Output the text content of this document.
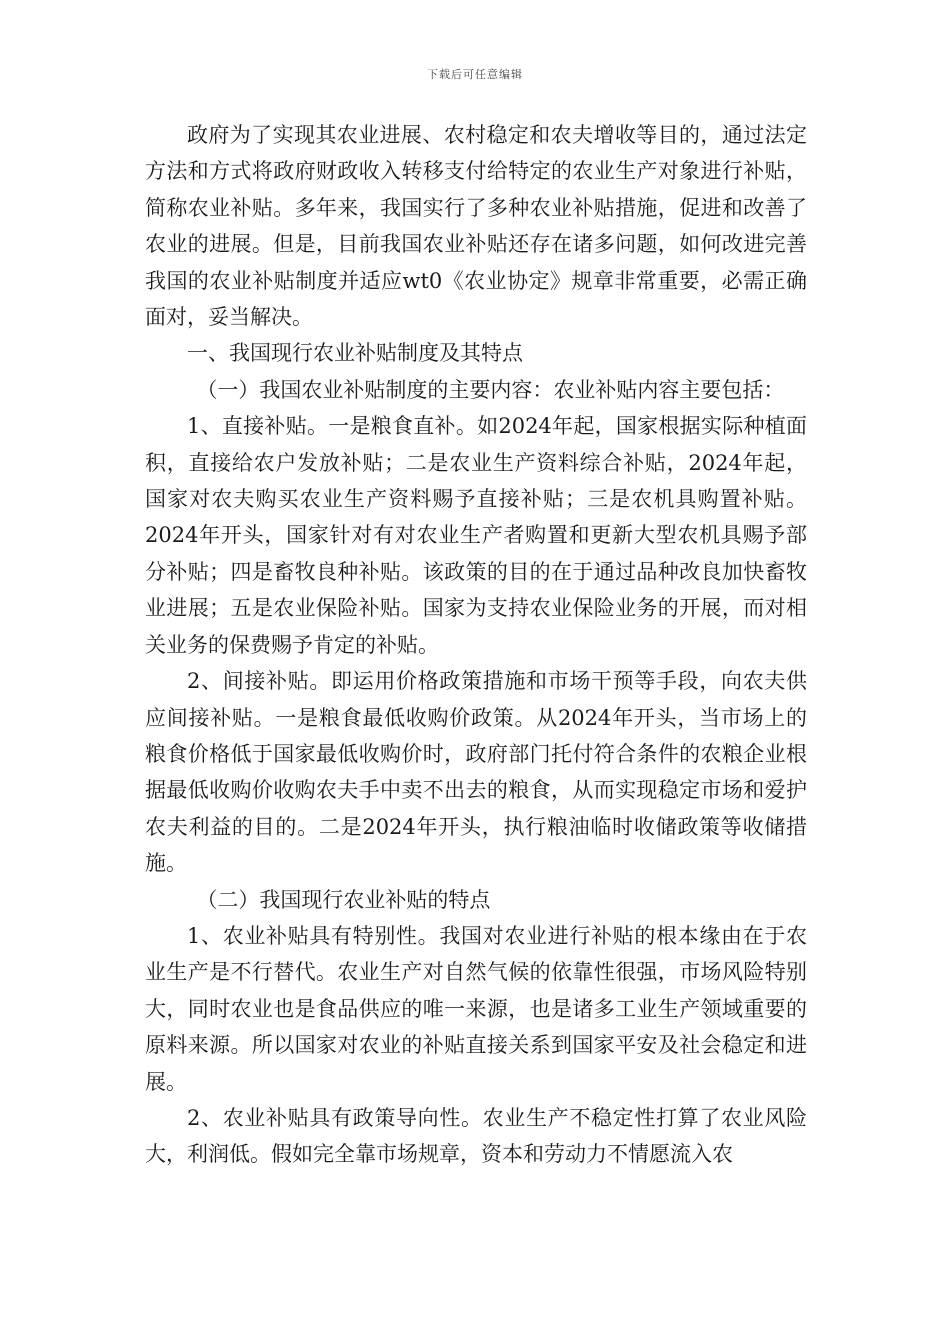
下载后可任意编辑

政府为了实现其农业进展、农村稳定和农夫增收等目的，通过法定方法和方式将政府财政收入转移支付给特定的农业生产对象进行补贴，简称农业补贴。多年来，我国实行了多种农业补贴措施，促进和改善了农业的进展。但是，目前我国农业补贴还存在诸多问题，如何改进完善我国的农业补贴制度并适应wt0《农业协定》规章非常重要，必需正确面对，妥当解决。

一、我国现行农业补贴制度及其特点

（一）我国农业补贴制度的主要内容：农业补贴内容主要包括：

1、直接补贴。一是粮食直补。如2024年起，国家根据实际种植面积，直接给农户发放补贴；二是农业生产资料综合补贴，2024年起，国家对农夫购买农业生产资料赐予直接补贴；三是农机具购置补贴。2024年开头，国家针对有对农业生产者购置和更新大型农机具赐予部分补贴；四是畜牧良种补贴。该政策的目的在于通过品种改良加快畜牧业进展；五是农业保险补贴。国家为支持农业保险业务的开展，而对相关业务的保费赐予肯定的补贴。

2、间接补贴。即运用价格政策措施和市场干预等手段，向农夫供应间接补贴。一是粮食最低收购价政策。从2024年开头，当市场上的粮食价格低于国家最低收购价时，政府部门托付符合条件的农粮企业根据最低收购价收购农夫手中卖不出去的粮食，从而实现稳定市场和爱护农夫利益的目的。二是2024年开头，执行粮油临时收储政策等收储措施。

（二）我国现行农业补贴的特点

1、农业补贴具有特别性。我国对农业进行补贴的根本缘由在于农业生产是不行替代。农业生产对自然气候的依靠性很强，市场风险特别大，同时农业也是食品供应的唯一来源，也是诸多工业生产领域重要的原料来源。所以国家对农业的补贴直接关系到国家平安及社会稳定和进展。

2、农业补贴具有政策导向性。农业生产不稳定性打算了农业风险大，利润低。假如完全靠市场规章，资本和劳动力不情愿流入农
